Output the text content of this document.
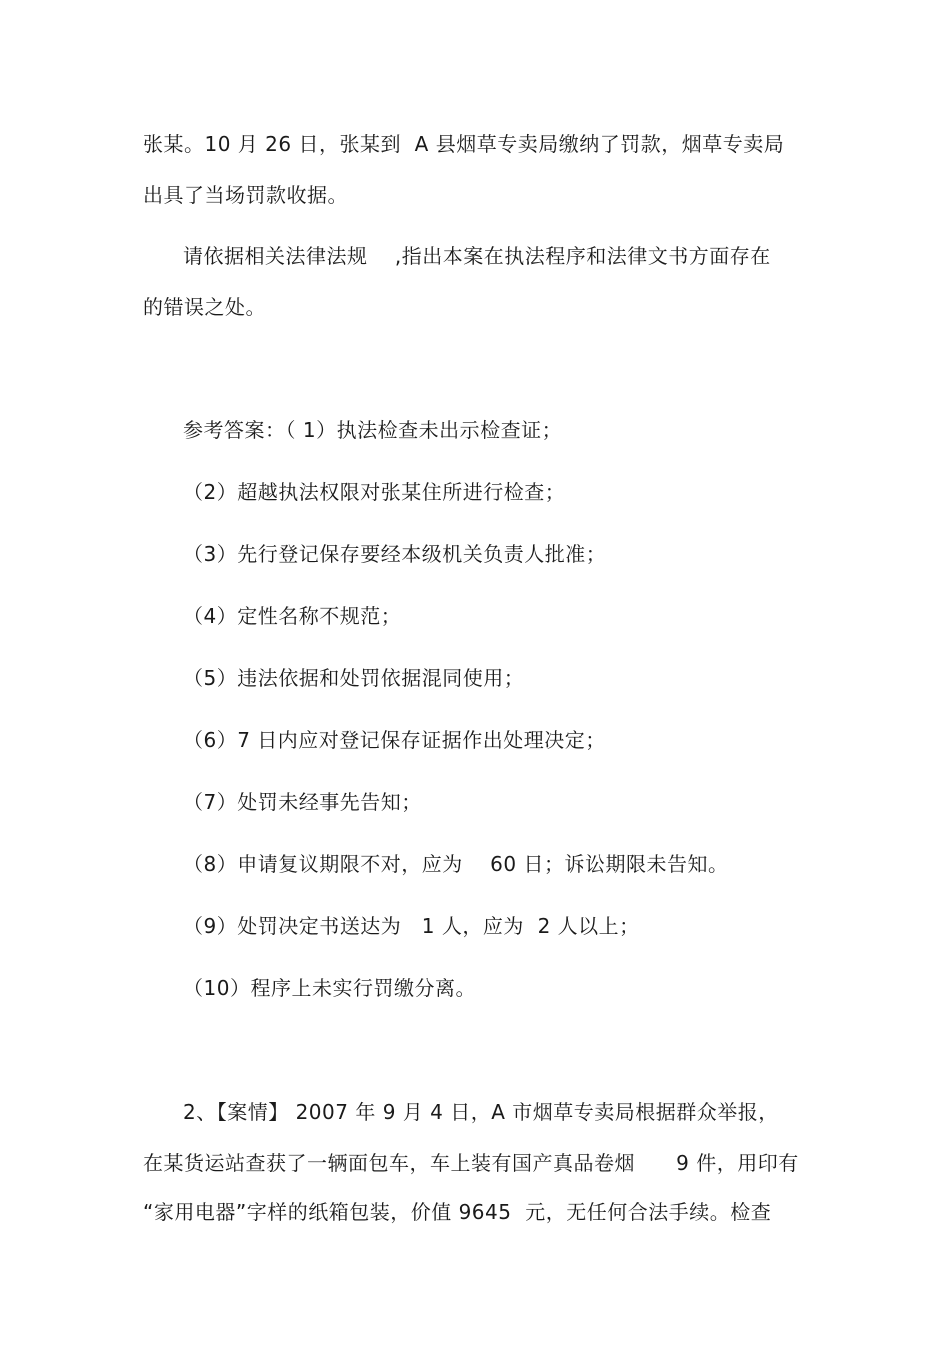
张某。10 月 26 日，张某到  A 县烟草专卖局缴纳了罚款，烟草专卖局
出具了当场罚款收据。
请依据相关法律法规    ,指出本案在执法程序和法律文书方面存在
的错误之处。
参考答案：（ 1）执法检查未出示检查证；
（2）超越执法权限对张某住所进行检查；
（3）先行登记保存要经本级机关负责人批准；
（4）定性名称不规范；
（5）违法依据和处罚依据混同使用；
（6）7 日内应对登记保存证据作出处理决定；
（7）处罚未经事先告知；
（8）申请复议期限不对，应为    60 日；诉讼期限未告知。
（9）处罚决定书送达为   1 人，应为  2 人以上；
（10）程序上未实行罚缴分离。
2、【案情】 2007 年 9 月 4 日，A 市烟草专卖局根据群众举报，
在某货运站查获了一辆面包车，车上装有国产真品卷烟      9 件，用印有
“家用电器”字样的纸箱包装，价值 9645  元，无任何合法手续。检查
